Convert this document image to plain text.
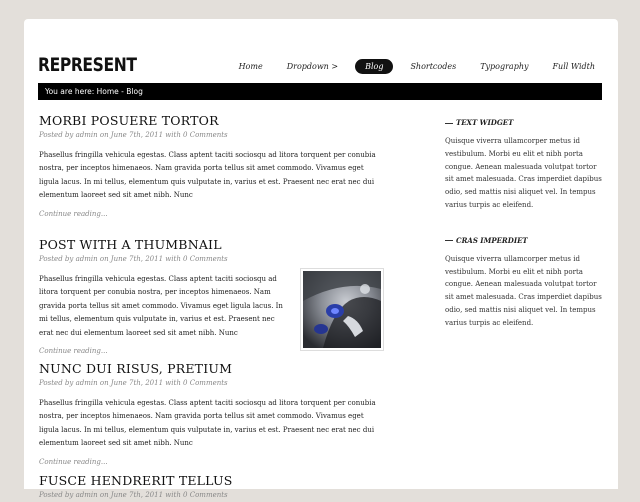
REPRESENT	Home	Dropdown >	Blog	Shortcodes	Typography	Full Width
You are here: Home - Blog
MORBI POSUERE TORTOR
Posted by admin on June 7th, 2011 with 0 Comments

Phasellus fringilla vehicula egestas. Class aptent taciti sociosqu ad litora torquent per conubia nostra, per inceptos himenaeos. Nam gravida porta tellus sit amet commodo. Vivamus eget ligula lacus. In mi tellus, elementum quis vulputate in, varius et est. Praesent nec erat nec dui elementum laoreet sed sit amet nibh. Nunc

Continue reading...
POST WITH A THUMBNAIL
Posted by admin on June 7th, 2011 with 0 Comments

Phasellus fringilla vehicula egestas. Class aptent taciti sociosqu ad litora torquent per conubia nostra, per inceptos himenaeos. Nam gravida porta tellus sit amet commodo. Vivamus eget ligula lacus. In mi tellus, elementum quis vulputate in, varius et est. Praesent nec erat nec dui elementum laoreet sed sit amet nibh. Nunc

Continue reading...
NUNC DUI RISUS, PRETIUM
Posted by admin on June 7th, 2011 with 0 Comments

Phasellus fringilla vehicula egestas. Class aptent taciti sociosqu ad litora torquent per conubia nostra, per inceptos himenaeos. Nam gravida porta tellus sit amet commodo. Vivamus eget ligula lacus. In mi tellus, elementum quis vulputate in, varius et est. Praesent nec erat nec dui elementum laoreet sed sit amet nibh. Nunc

Continue reading...
FUSCE HENDRERIT TELLUS
Posted by admin on June 7th, 2011 with 0 Comments
TEXT WIDGET

Quisque viverra ullamcorper metus id vestibulum. Morbi eu elit et nibh porta congue. Aenean malesuada volutpat tortor sit amet malesuada. Cras imperdiet dapibus odio, sed mattis nisi aliquet vel. In tempus varius turpis ac eleifend.

CRAS IMPERDIET

Quisque viverra ullamcorper metus id vestibulum. Morbi eu elit et nibh porta congue. Aenean malesuada volutpat tortor sit amet malesuada. Cras imperdiet dapibus odio, sed mattis nisi aliquet vel. In tempus varius turpis ac eleifend.
